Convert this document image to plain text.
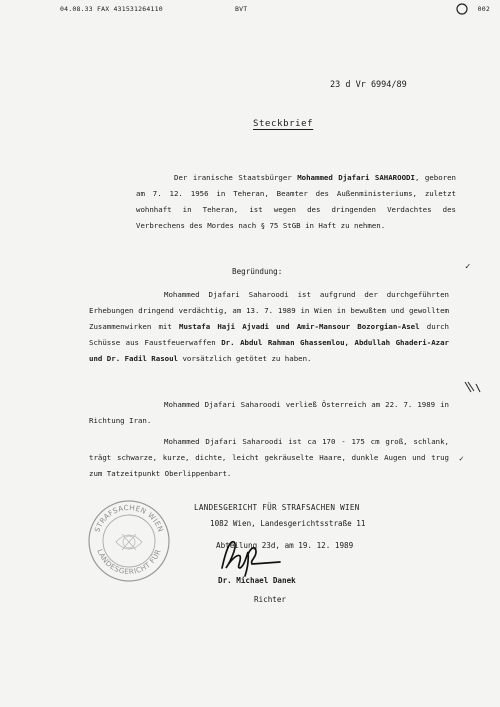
04.08.33 FAX 431531264110

	BVT

	002

23 d Vr 6994/89
Steckbrief
Der iranische Staatsbürger Mohammed Djafari SAHAROODI, geboren am 7. 12. 1956 in Teheran, Beamter des Außenministeriums, zuletzt wohnhaft in Teheran, ist wegen des dringenden Verdachtes des Verbrechens des Mordes nach § 75 StGB in Haft zu nehmen.
✓
Begründung:
Mohammed Djafari Saharoodi ist aufgrund der durchgeführten Erhebungen dringend verdächtig, am 13. 7. 1989 in Wien in bewußtem und gewolltem Zusammenwirken mit Mustafa Haji Ajvadi und Amir-Mansour Bozorgian-Asel durch Schüsse aus Faustfeuerwaffen Dr. Abdul Rahman Ghassemlou, Abdullah Ghaderi-Azar und Dr. Fadil Rasoul vorsätzlich getötet zu haben.
Mohammed Djafari Saharoodi verließ Österreich am 22. 7. 1989 in Richtung Iran.
Mohammed Djafari Saharoodi ist ca 170 - 175 cm groß, schlank, trägt schwarze, kurze, dichte, leicht gekräuselte Haare, dunkle Augen und trug zum Tatzeitpunkt Oberlippenbart.
✓
STRAFSACHEN WIEN
LANDESGERICHT FÜR
LANDESGERICHT FÜR STRAFSACHEN WIEN
1082 Wien, Landesgerichtsstraße 11
Abteilung 23d, am 19. 12. 1989
Dr. Michael Danek
Richter
